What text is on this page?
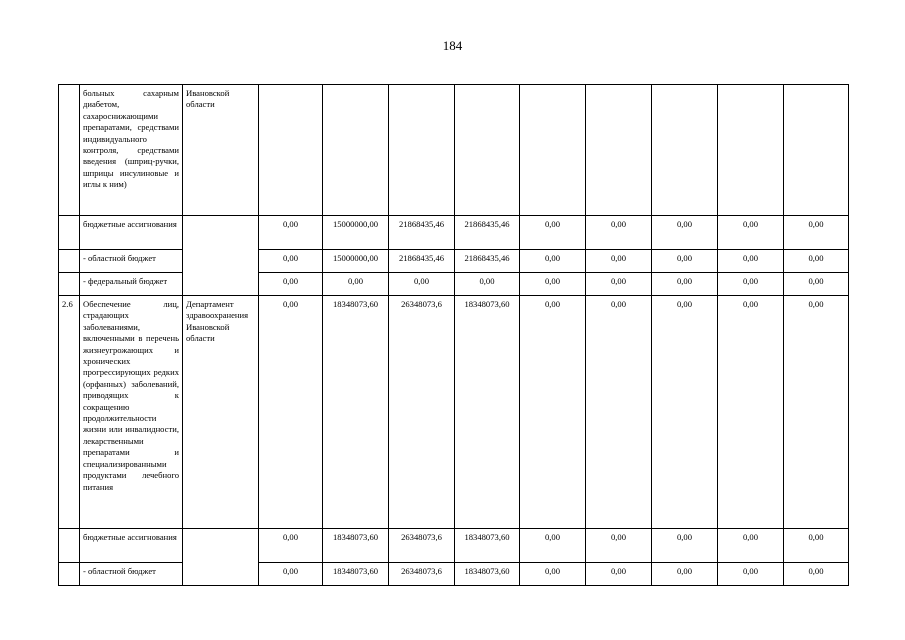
184
	больных сахарным диабетом, сахароснижающими препаратами, средствами индивидуального контроля, средствами введения (шприц-ручки, шприцы инсулиновые и иглы к ним)	Ивановской области									
	бюджетные ассигнования		0,00	15000000,00	21868435,46	21868435,46	0,00	0,00	0,00	0,00	0,00
	- областной бюджет		0,00	15000000,00	21868435,46	21868435,46	0,00	0,00	0,00	0,00	0,00
	- федеральный бюджет		0,00	0,00	0,00	0,00	0,00	0,00	0,00	0,00	0,00
2.6	Обеспечение лиц, страдающих заболеваниями, включенными в перечень жизнеугрожающих и хронических прогрессирующих редких (орфанных) заболеваний, приводящих к сокращению продолжительности жизни или инвалидности, лекарственными препаратами и специализированными продуктами лечебного питания	Департамент здравоохранения Ивановской области	0,00	18348073,60	26348073,6	18348073,60	0,00	0,00	0,00	0,00	0,00
	бюджетные ассигнования		0,00	18348073,60	26348073,6	18348073,60	0,00	0,00	0,00	0,00	0,00
	- областной бюджет		0,00	18348073,60	26348073,6	18348073,60	0,00	0,00	0,00	0,00	0,00
